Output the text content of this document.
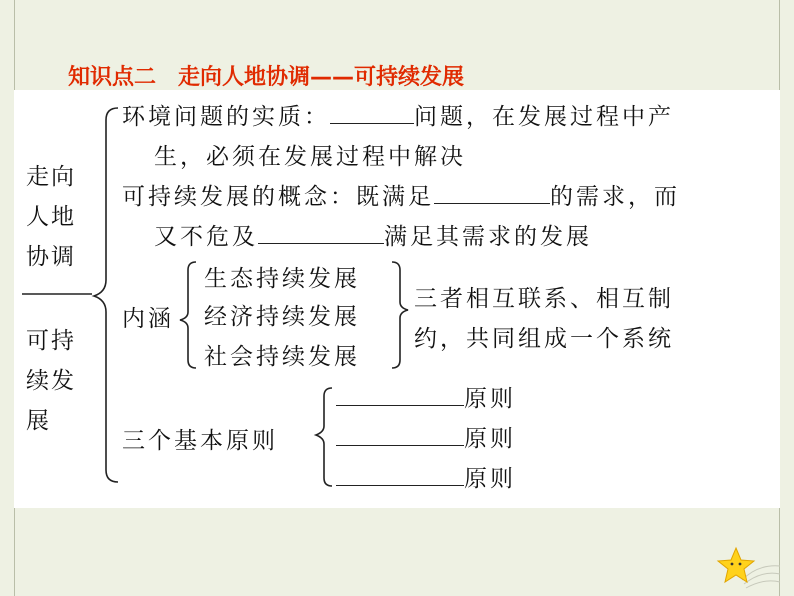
知识点二 走向人地协调——可持续发展
走向
人地
协调
可持
续发
展
环境问题的实质：	问题，在发展过程中产
生，必须在发展过程中解决
可持续发展的概念：既满足	的需求，而
又不危及	满足其需求的发展
内涵
生态持续发展
经济持续发展
社会持续发展
三者相互联系、相互制
约，共同组成一个系统
三个基本原则
原则
原则
原则
